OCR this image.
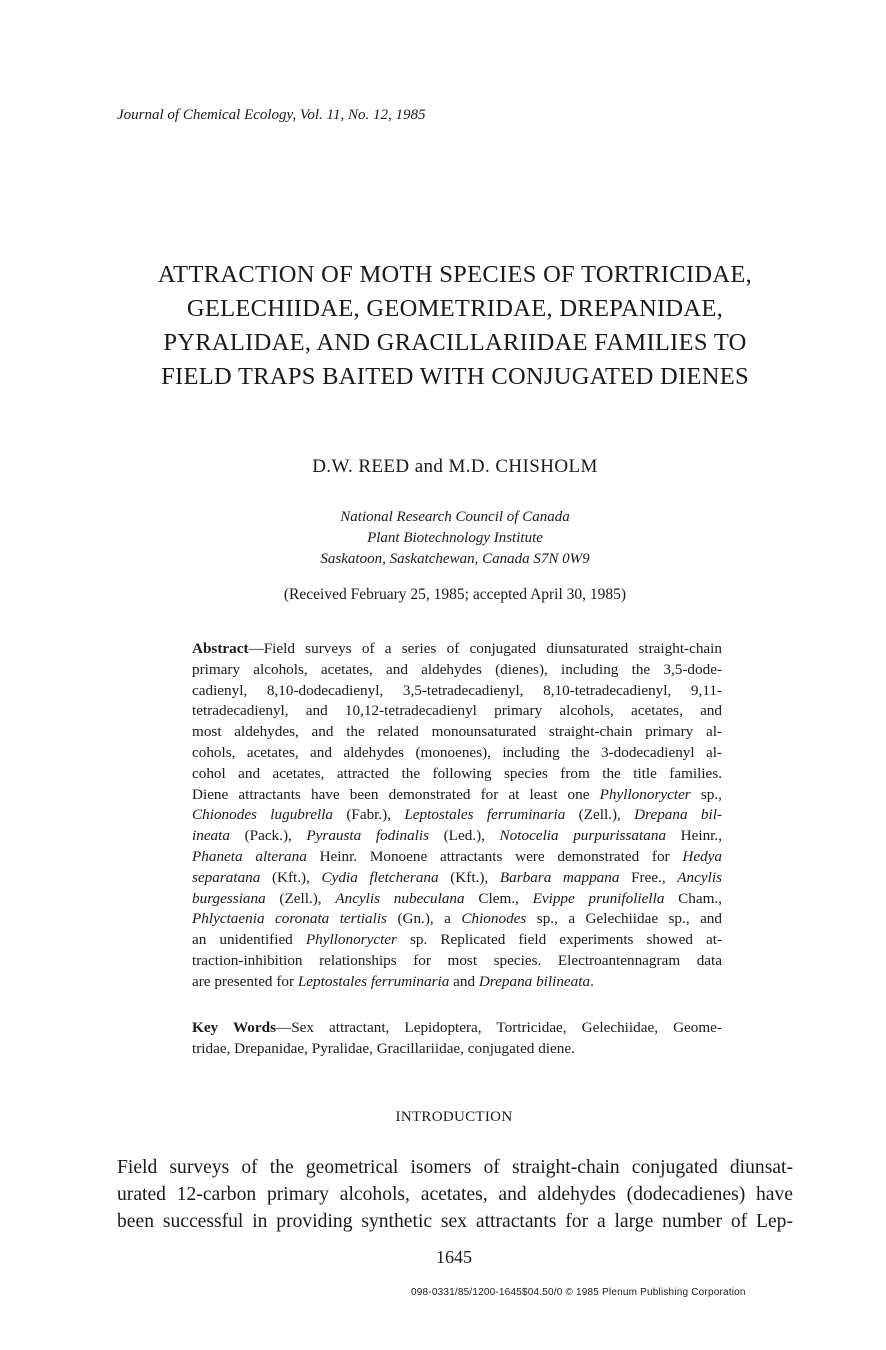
Journal of Chemical Ecology, Vol. 11, No. 12, 1985
ATTRACTION OF MOTH SPECIES OF TORTRICIDAE,
GELECHIIDAE, GEOMETRIDAE, DREPANIDAE,
PYRALIDAE, AND GRACILLARIIDAE FAMILIES TO
FIELD TRAPS BAITED WITH CONJUGATED DIENES
D.W. REED and M.D. CHISHOLM
National Research Council of Canada
Plant Biotechnology Institute
Saskatoon, Saskatchewan, Canada S7N 0W9
(Received February 25, 1985; accepted April 30, 1985)
Abstract—Field surveys of a series of conjugated diunsaturated straight-chain
primary alcohols, acetates, and aldehydes (dienes), including the 3,5-dode-
cadienyl, 8,10-dodecadienyl, 3,5-tetradecadienyl, 8,10-tetradecadienyl, 9,11-
tetradecadienyl, and 10,12-tetradecadienyl primary alcohols, acetates, and
most aldehydes, and the related monounsaturated straight-chain primary al-
cohols, acetates, and aldehydes (monoenes), including the 3-dodecadienyl al-
cohol and acetates, attracted the following species from the title families.
Diene attractants have been demonstrated for at least one Phyllonorycter sp.,
Chionodes lugubrella (Fabr.), Leptostales ferruminaria (Zell.), Drepana bil-
ineata (Pack.), Pyrausta fodinalis (Led.), Notocelia purpurissatana Heinr.,
Phaneta alterana Heinr. Monoene attractants were demonstrated for Hedya
separatana (Kft.), Cydia fletcherana (Kft.), Barbara mappana Free., Ancylis
burgessiana (Zell.), Ancylis nubeculana Clem., Evippe prunifoliella Cham.,
Phlyctaenia coronata tertialis (Gn.), a Chionodes sp., a Gelechiidae sp., and
an unidentified Phyllonorycter sp. Replicated field experiments showed at-
traction-inhibition relationships for most species. Electroantennagram data
are presented for Leptostales ferruminaria and Drepana bilineata.
Key Words—Sex attractant, Lepidoptera, Tortricidae, Gelechiidae, Geome-
tridae, Drepanidae, Pyralidae, Gracillariidae, conjugated diene.
INTRODUCTION
Field surveys of the geometrical isomers of straight-chain conjugated diunsat-
urated 12-carbon primary alcohols, acetates, and aldehydes (dodecadienes) have
been successful in providing synthetic sex attractants for a large number of Lep-
1645
098-0331/85/1200-1645$04.50/0 © 1985 Plenum Publishing Corporation
